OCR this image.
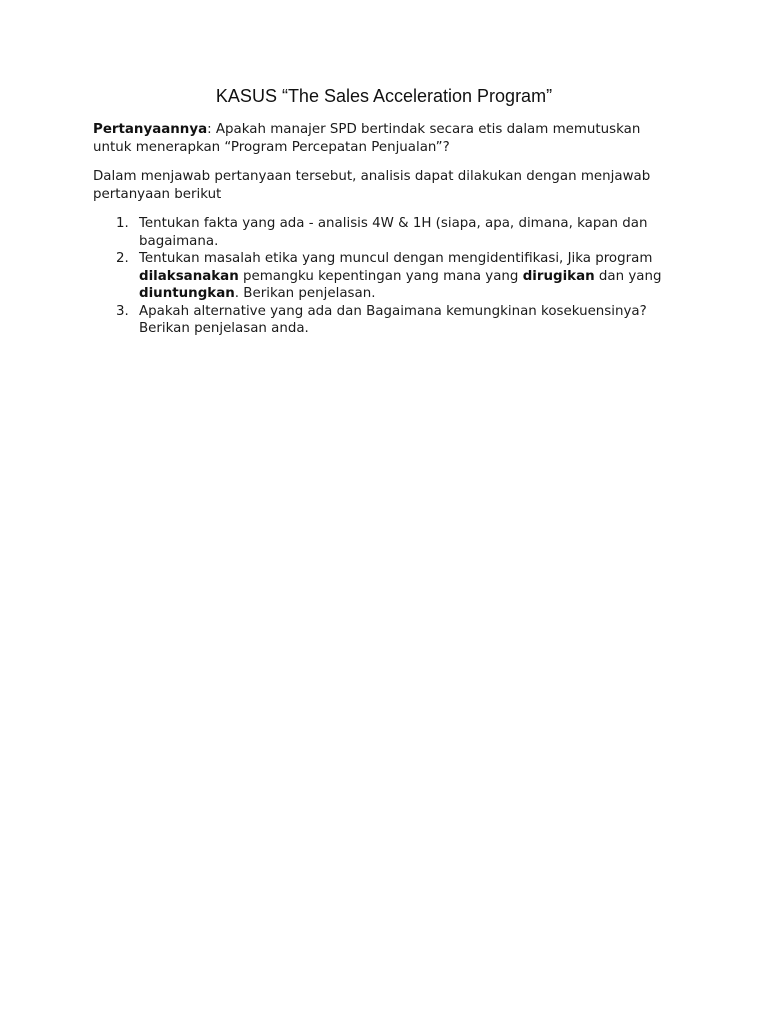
KASUS “The Sales Acceleration Program”

Pertanyaannya: Apakah manajer SPD bertindak secara etis dalam memutuskan untuk menerapkan “Program Percepatan Penjualan”?

Dalam menjawab pertanyaan tersebut, analisis dapat dilakukan dengan menjawab pertanyaan berikut

1. Tentukan fakta yang ada - analisis 4W & 1H (siapa, apa, dimana, kapan dan bagaimana.
2. Tentukan masalah etika yang muncul dengan mengidentifikasi, Jika program dilaksanakan pemangku kepentingan yang mana yang dirugikan dan yang diuntungkan. Berikan penjelasan.
3. Apakah alternative yang ada dan Bagaimana kemungkinan kosekuensinya? Berikan penjelasan anda.
